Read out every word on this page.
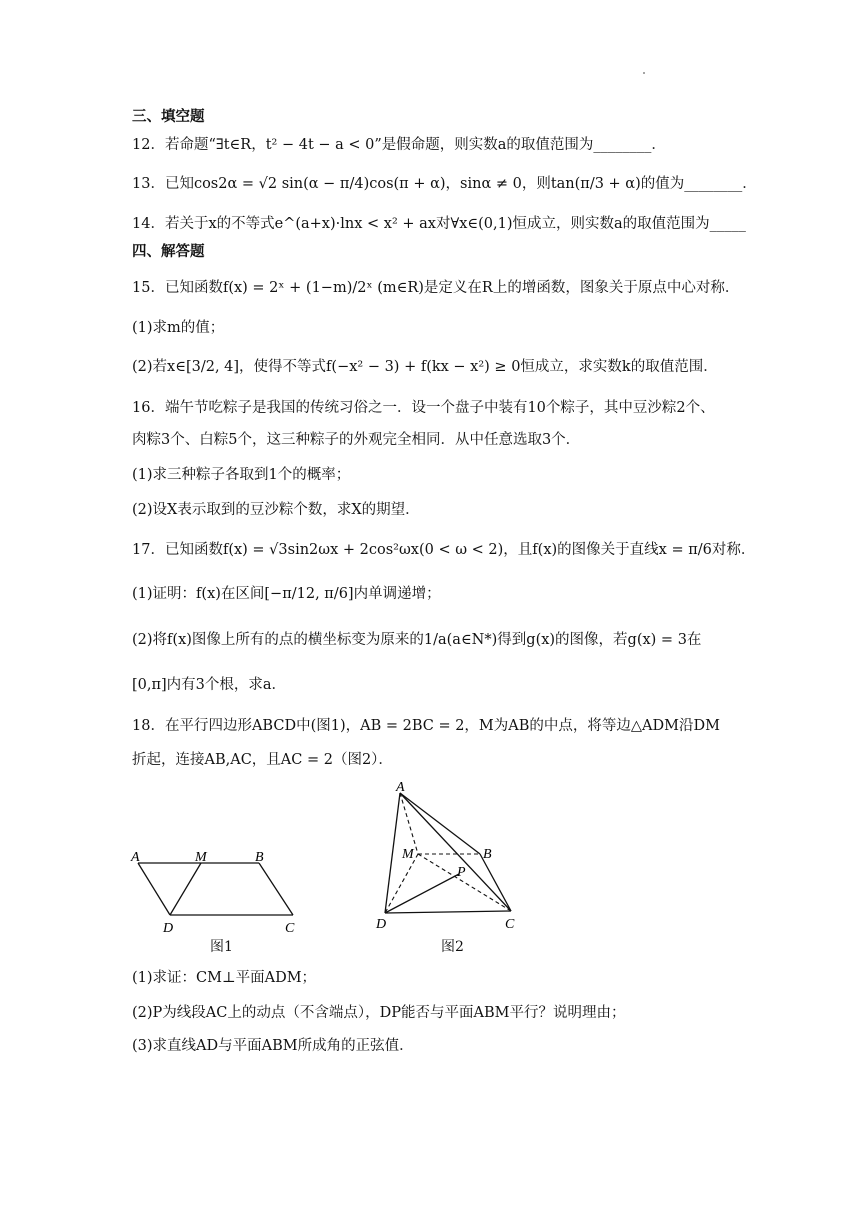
三、填空题
12．若命题“∃t∈R，t² − 4t − a < 0”是假命题，则实数a的取值范围为________．
13．已知cos2α = √2 sin(α − π/4)cos(π + α)，sinα ≠ 0，则tan(π/3 + α)的值为________．
14．若关于x的不等式e^(a+x)·lnx < x² + ax对∀x∈(0,1)恒成立，则实数a的取值范围为_____
四、解答题
15．已知函数f(x) = 2ˣ + (1−m)/2ˣ (m∈R)是定义在R上的增函数，图象关于原点中心对称．
(1)求m的值；
(2)若x∈[3/2, 4]，使得不等式f(−x² − 3) + f(kx − x²) ≥ 0恒成立，求实数k的取值范围．
16．端午节吃粽子是我国的传统习俗之一．设一个盘子中装有10个粽子，其中豆沙粽2个、
肉粽3个、白粽5个，这三种粽子的外观完全相同．从中任意选取3个．
(1)求三种粽子各取到1个的概率；
(2)设X表示取到的豆沙粽个数，求X的期望．
17．已知函数f(x) = √3sin2ωx + 2cos²ωx(0 < ω < 2)，且f(x)的图像关于直线x = π/6对称．
(1)证明：f(x)在区间[−π/12, π/6]内单调递增；
(2)将f(x)图像上所有的点的横坐标变为原来的1/a(a∈N*)得到g(x)的图像，若g(x) = 3在
[0,π]内有3个根，求a．
18．在平行四边形ABCD中(图1)，AB = 2BC = 2，M为AB的中点，将等边△ADM沿DM
折起，连接AB,AC，且AC = 2（图2）．
A	M	B
D	C
图1
A
M	B
P
D	C
图2
(1)求证：CM⊥平面ADM；
(2)P为线段AC上的动点（不含端点），DP能否与平面ABM平行？说明理由；
(3)求直线AD与平面ABM所成角的正弦值．
